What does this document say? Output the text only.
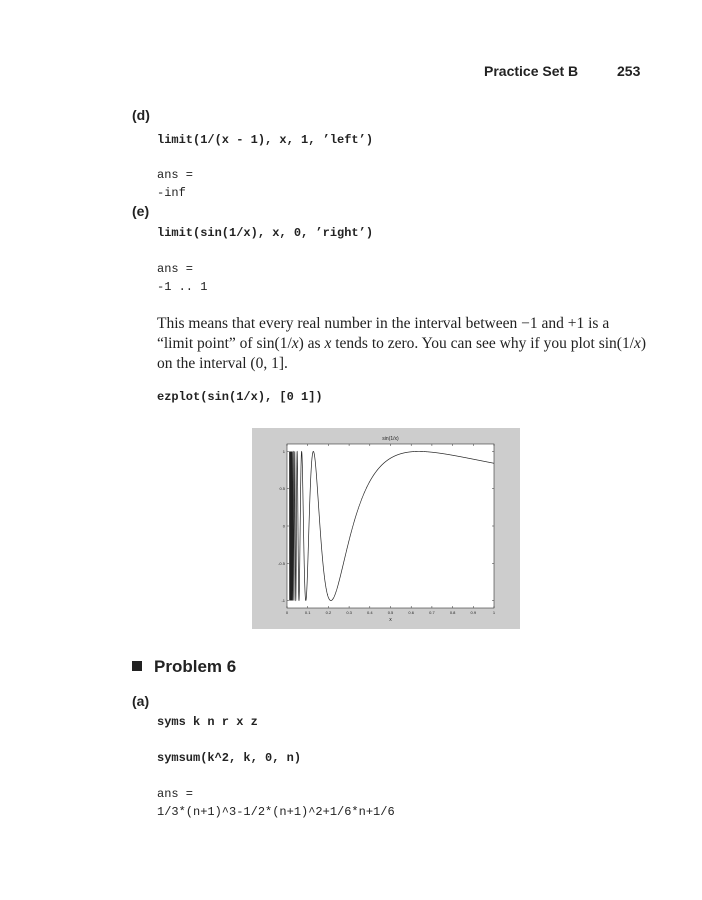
Practice Set B	253
(d)
limit(1/(x - 1), x, 1, ’left’)
ans =
-inf
(e)
limit(sin(1/x), x, 0, ’right’)
ans =
-1 .. 1
This means that every real number in the interval between −1 and +1 is a “limit point” of sin(1/x) as x tends to zero. You can see why if you plot sin(1/x) on the interval (0, 1].
ezplot(sin(1/x), [0 1])
sin(1/x)
x
0	0.1	0.2	0.3	0.4	0.5	0.6	0.7	0.8	0.9	1
-1
-0.5
0
0.5
1
Problem 6
(a)
syms k n r x z
symsum(k^2, k, 0, n)
ans =
1/3*(n+1)^3-1/2*(n+1)^2+1/6*n+1/6
